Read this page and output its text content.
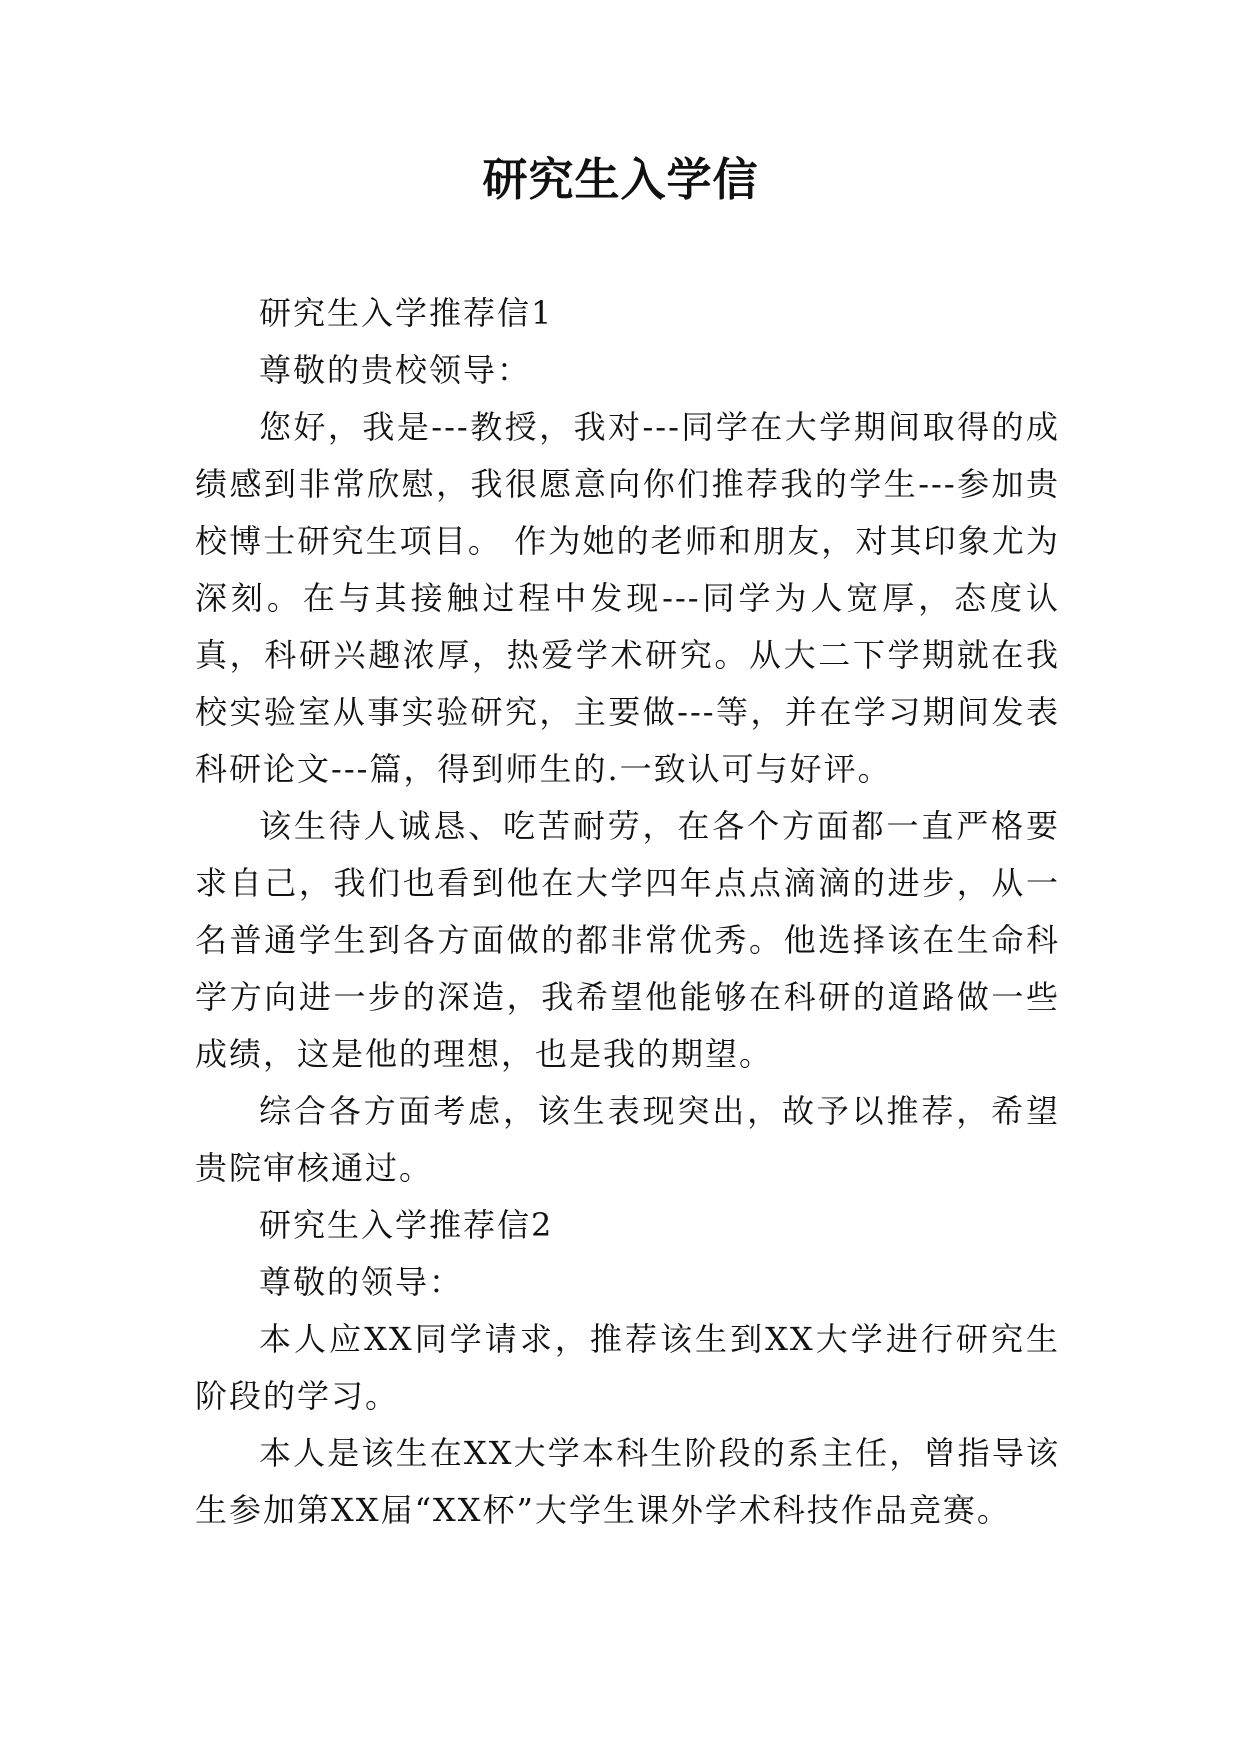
研究生入学信

研究生入学推荐信1

尊敬的贵校领导：

您好，我是---教授，我对---同学在大学期间取得的成绩感到非常欣慰，我很愿意向你们推荐我的学生---参加贵校博士研究生项目。 作为她的老师和朋友，对其印象尤为深刻。在与其接触过程中发现---同学为人宽厚，态度认真，科研兴趣浓厚，热爱学术研究。从大二下学期就在我校实验室从事实验研究，主要做---等，并在学习期间发表科研论文---篇，得到师生的.一致认可与好评。

该生待人诚恳、吃苦耐劳，在各个方面都一直严格要求自己，我们也看到他在大学四年点点滴滴的进步，从一名普通学生到各方面做的都非常优秀。他选择该在生命科学方向进一步的深造，我希望他能够在科研的道路做一些成绩，这是他的理想，也是我的期望。

综合各方面考虑，该生表现突出，故予以推荐，希望贵院审核通过。

研究生入学推荐信2

尊敬的领导：

本人应XX同学请求，推荐该生到XX大学进行研究生阶段的学习。

本人是该生在XX大学本科生阶段的系主任，曾指导该生参加第XX届“XX杯”大学生课外学术科技作品竞赛。
